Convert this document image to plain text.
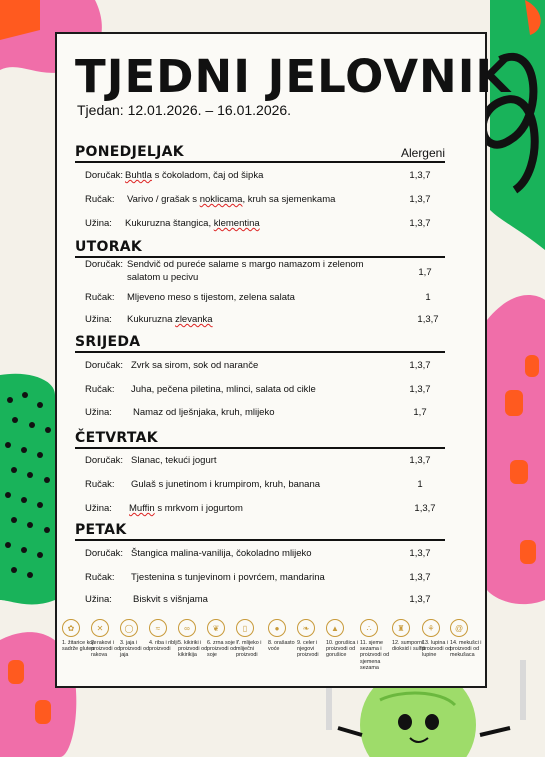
TJEDNI JELOVNIK
Tjedan: 12.01.2026. – 16.01.2026.
Alergeni
PONEDJELJAK
Doručak: Buhtla s čokoladom, čaj od šipka	1,3,7
Ručak: Varivo / grašak s noklicama, kruh sa sjemenkama	1,3,7
Užina: Kukuruzna štangica, klementina	1,3,7
UTORAK
Doručak: Sendvič od pureće salame s margo namazom i zelenom
salatom u pecivu	1,7
Ručak: Mljeveno meso s tijestom, zelena salata	1
Užina: Kukuruzna zlevanka	1,3,7
SRIJEDA
Doručak: Zvrk sa sirom, sok od naranče	1,3,7
Ručak: Juha, pečena piletina, mlinci, salata od cikle	1,3,7
Užina: Namaz od lješnjaka, kruh, mlijeko	1,7
ČETVRTAK
Doručak: Slanac, tekući jogurt	1,3,7
Ručak: Gulaš s junetinom i krumpirom, kruh, banana	1
Užina: Muffin s mrkvom i jogurtom	1,3,7
PETAK
Doručak: Štangica malina-vanilija, čokoladno mlijeko	1,3,7
Ručak: Tjestenina s tunjevinom i povrćem, mandarina	1,3,7
Užina: Biskvit s višnjama	1,3,7
✿
1. žitarice koje sadrže gluten
✕
2. rakovi i proizvodi od rakova
◯
3. jaja i proizvodi od jaja
≈
4. riba i riblji proizvodi
∞
5. kikiriki i proizvodi od kikirikija
❦
6. zrna soje i proizvodi od soje
▯
7. mlijeko i mliječni proizvodi
●
8. orašasto voće
❧
9. celer i njegovi proizvodi
▲
10. gorušica i proizvodi od gorušice
∴
11. sjeme sezama i proizvodi od sjemena sezama
♜
12. sumporni dioksid i sulfiti
⚘
13. lupina i proizvodi od lupine
@
14. mekušci i proizvodi od mekušaca
